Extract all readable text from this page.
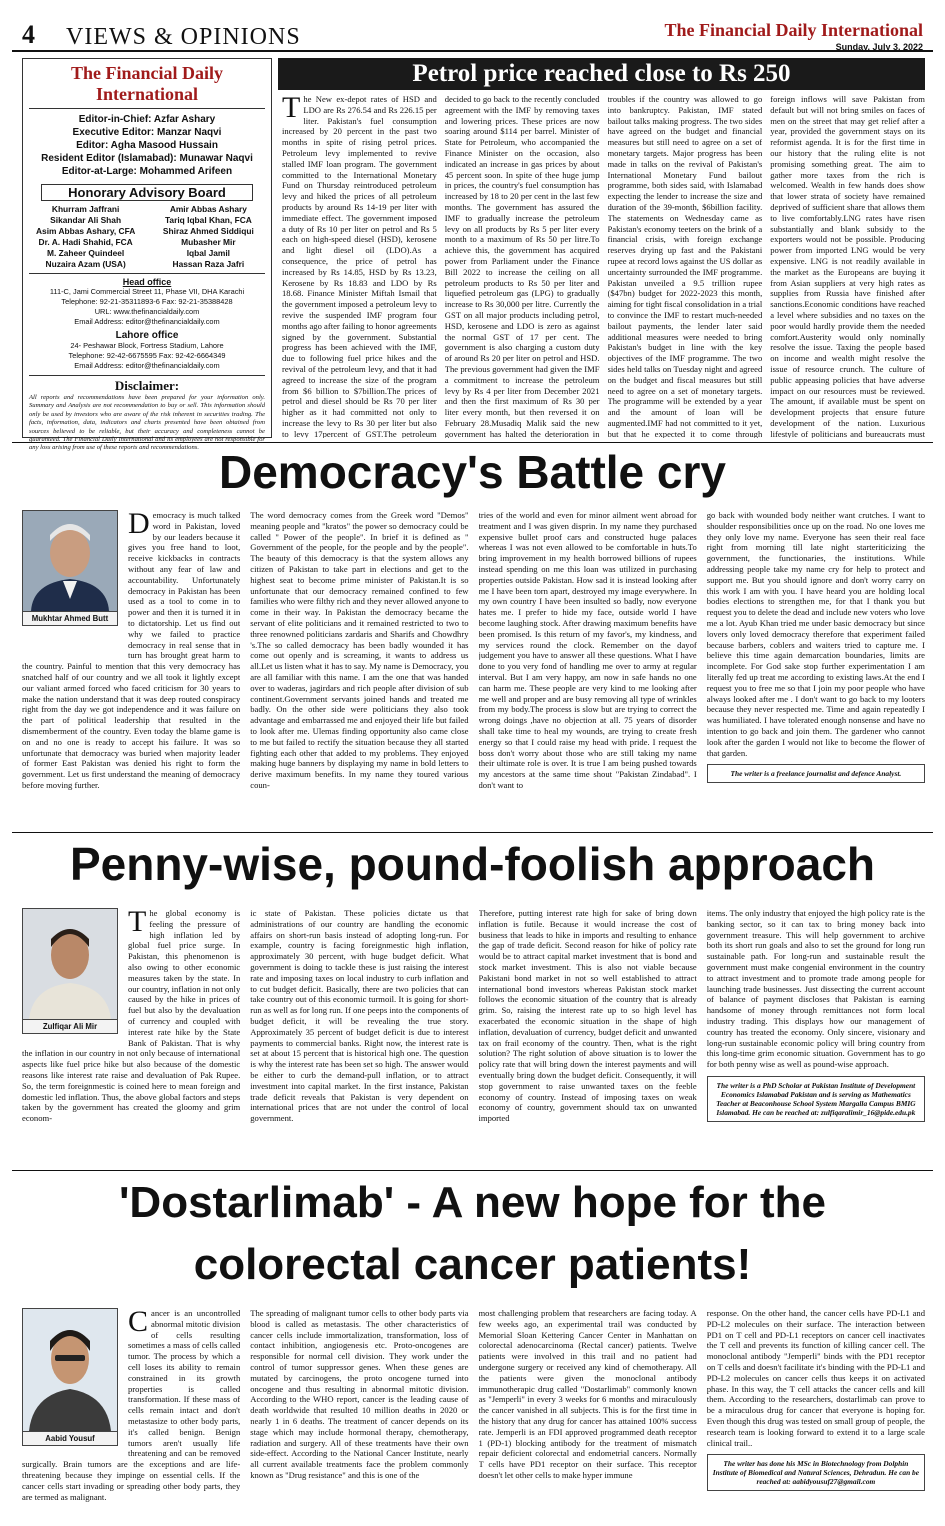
4 VIEWS & OPINIONS	The Financial Daily International
Sunday, July 3, 2022
The Financial Daily International
Editor-in-Chief: Azfar Ashary
Executive Editor: Manzar Naqvi
Editor: Agha Masood Hussain
Resident Editor (Islamabad): Munawar Naqvi
Editor-at-Large: Mohammed Arifeen
Honorary Advisory Board
Khurram Jaffrani
Sikandar Ali Shah
Asim Abbas Ashary, CFA
Dr. A. Hadi Shahid, FCA
M. Zaheer Quindeel
Nuzaira Azam (USA)
Amir Abbas Ashary
Tariq Iqbal Khan, FCA
Shiraz Ahmed Siddiqui
Mubasher Mir
Iqbal Jamil
Hassan Raza Jafri
Head office
111-C, Jami Commercial Street 11, Phase VII, DHA Karachi
Telephone: 92-21-35311893-6 Fax: 92-21-35388428
URL: www.thefinancialdaily.com
Email Address: editor@thefinancialdaily.com
Lahore office
24- Peshawar Block, Fortress Stadium, Lahore
Telephone: 92-42-6675595 Fax: 92-42-6664349
Email Address: editor@thefinancialdaily.com
Disclaimer:
All reports and recommendations have been prepared for your information only. Summary and Analysis are not recommendation to buy or sell. This information should only be used by investors who are aware of the risk inherent in securities trading. The facts, information, data, indicators and charts presented have been obtained from sources believed to be reliable, but their accuracy and completeness cannot be guaranteed. The Financial Daily International and its employees are not responsible for any loss arising from use of these reports and recommendations.
Petrol price reached close to Rs 250
The New ex-depot rates of HSD and LDO are Rs 276.54 and Rs 226.15 per liter. Pakistan's fuel consumption increased by 20 percent in the past two months in spite of rising petrol prices. Petroleum levy implemented to revive stalled IMF loan program. The government committed to the International Monetary Fund on Thursday reintroduced petroleum levy and hiked the prices of all petroleum products by around Rs 14-19 per liter with immediate effect. The government imposed a duty of Rs 10 per liter on petrol and Rs 5 each on high-speed diesel (HSD), kerosene and light diesel oil (LDO).As a consequence, the price of petrol has increased by Rs 14.85, HSD by Rs 13.23, Kerosene by Rs 18.83 and LDO by Rs 18.68. Finance Minister Miftah Ismail that the government imposed a petroleum levy to revive the suspended IMF program four months ago after failing to honor agreements signed by the government. Substantial progress has been achieved with the IMF, due to following fuel price hikes and the revival of the petroleum levy, and that it had agreed to increase the size of the program from $6 billion to $7billion.The prices of petrol and diesel should be Rs 70 per liter higher as it had committed not only to increase the levy to Rs 30 per liter but also to levy 17percent of GST.The petroleum
decided to go back to the recently concluded agreement with the IMF by removing taxes and lowering prices. These prices are now soaring around $114 per barrel. Minister of State for Petroleum, who accompanied the Finance Minister on the occasion, also indicated an increase in gas prices by about 45 percent soon. In spite of thee huge jump in prices, the country's fuel consumption has increased by 18 to 20 per cent in the last few months. The government has assured the IMF to gradually increase the petroleum levy on all products by Rs 5 per liter every month to a maximum of Rs 50 per litre.To achieve this, the government has acquired power from Parliament under the Finance Bill 2022 to increase the ceiling on all petroleum products to Rs 50 per liter and liquefied petroleum gas (LPG) to gradually increase to Rs 30,000 per litre. Currently the GST on all major products including petrol, HSD, kerosene and LDO is zero as against the normal GST of 17 per cent. The government is also charging a custom duty of around Rs 20 per liter on petrol and HSD. The previous government had given the IMF a commitment to increase the petroleum levy by Rs 4 per liter from December 2021 and then the first maximum of Rs 30 per liter every month, but then reversed it on February 28.Musadiq Malik said the new government has halted the deterioration in
troubles if the country was allowed to go into bankruptcy. Pakistan, IMF stated bailout talks making progress. The two sides have agreed on the budget and financial measures but still need to agree on a set of monetary targets. Major progress has been made in talks on the revival of Pakistan's International Monetary Fund bailout programme, both sides said, with Islamabad expecting the lender to increase the size and duration of the 39-month, $6billion facility. The statements on Wednesday came as Pakistan's economy teeters on the brink of a financial crisis, with foreign exchange reserves drying up fast and the Pakistani rupee at record lows against the US dollar as uncertainty surrounded the IMF programme. Pakistan unveiled a 9.5 trillion rupee ($47bn) budget for 2022-2023 this month, aiming for tight fiscal consolidation in a trial to convince the IMF to restart much-needed bailout payments, the lender later said additional measures were needed to bring Pakistan's budget in line with the key objectives of the IMF programme. The two sides held talks on Tuesday night and agreed on the budget and fiscal measures but still need to agree on a set of monetary targets. The programme will be extended by a year and the amount of loan will be augmented.IMF had not committed to it yet, but that he expected it to come through
foreign inflows will save Pakistan from default but will not bring smiles on faces of men on the street that may get relief after a year, provided the government stays on its reformist agenda. It is for the first time in our history that the ruling elite is not promising something great. The aim to gather more taxes from the rich is welcomed. Wealth in few hands does show that lower strata of society have remained deprived of sufficient share that allows them to live comfortably.LNG rates have risen substantially and blank subsidy to the exporters would not be possible. Producing power from imported LNG would be very expensive. LNG is not readily available in the market as the Europeans are buying it from Asian suppliers at very high rates as supplies from Russia have finished after sanctions.Economic conditions have reached a level where subsidies and no taxes on the poor would hardly provide them the needed comfort.Austerity would only nominally resolve the issue. Taxing the people based on income and wealth might resolve the issue of resource crunch. The culture of public appeasing policies that have adverse impact on our resources must be reviewed. The amount, if available must be spent on development projects that ensure future development of the nation. Luxurious lifestyle of politicians and bureaucrats must
Democracy's Battle cry
Mukhtar Ahmed Butt
Democracy is much talked word in Pakistan, loved by our leaders because it gives you free hand to loot, receive kickbacks in contracts without any fear of law and accountability. Unfortunately democracy in Pakistan has been used as a tool to come in to power and then it is turned it in to dictatorship. Let us find out why we failed to practice democracy in real sense that in turn has brought great harm to the country. Painful to mention that this very democracy has snatched half of our country and we all took it lightly except our valiant armed forced who faced criticism for 30 years to make the nation understand that it was deep routed conspiracy right from the day we got independence and it was failure on the part of political leadership that resulted in the dismemberment of the country. Even today the blame game is on and no one is ready to accept his failure. It was so unfortunate that democracy was buried when majority leader of former East Pakistan was denied his right to form the government. Let us first understand the meaning of democracy before moving further.
The word democracy comes from the Greek word "Demos" meaning people and "kratos" the power so democracy could be called " Power of the people". In brief it is defined as " Government of the people, for the people and by the people". The beauty of this democracy is that the system allows any citizen of Pakistan to take part in elections and get to the highest seat to become prime minister of Pakistan.It is so unfortunate that our democracy remained confined to few families who were filthy rich and they never allowed anyone to come in their way. In Pakistan the democracy became the servant of elite politicians and it remained restricted to two to three renowned politicians zardaris and Sharifs and Chowdhry 's.The so called democracy has been badly wounded it has come out openly and is screaming, it wants to address us all.Let us listen what it has to say. My name is Democracy, you are all familiar with this name. I am the one that was handed over to waderas, jagirdars and rich people after division of sub continent.Government servants joined hands and treated me badly. On the other side were politicians they also took advantage and embarrassed me and enjoyed their life but failed to look after me. Ulemas finding opportunity also came close to me but failed to rectify the situation because they all started fighting each other that added to my problems. They enjoyed making huge banners by displaying my name in bold letters to derive maximum benefits. In my name they toured various coun-
tries of the world and even for minor ailment went abroad for treatment and I was given disprin. In my name they purchased expensive bullet proof cars and constructed huge palaces whereas I was not even allowed to be comfortable in huts.To bring improvement in my health borrowed billions of rupees instead spending on me this loan was utilized in purchasing properties outside Pakistan. How sad it is instead looking after me I have been torn apart, destroyed my image everywhere. In my own country I have been insulted so badly, now everyone hates me. I prefer to hide my face, outside world I have become laughing stock. After drawing maximum benefits have been promised. Is this return of my favor's, my kindness, and my services round the clock. Remember on the dayof judgement you have to answer all these questions. What I have done to you very fond of handling me over to army at regular interval. But I am very happy, am now in safe hands no one can harm me. These people are very kind to me looking after me well and proper and are busy removing all type of wrinkles from my body.The process is slow but are trying to correct the wrong doings ,have no objection at all. 75 years of disorder shall take time to heal my wounds, are trying to create fresh energy so that I could raise my head with pride. I request the boss don't worry about those who are still taking my name their ultimate role is over. It is true I am being pushed towards my ancestors at the same time shout "Pakistan Zindabad". I don't want to
go back with wounded body neither want crutches. I want to shoulder responsibilities once up on the road. No one loves me they only love my name. Everyone has seen their real face right from morning till late night starteriticizing the government, the functionaries, the institutions. While addressing people take my name cry for help to protect and support me. But you should ignore and don't worry carry on this work I am with you. I have heard you are holding local bodies elections to strengthen me, for that I thank you but request you to delete the dead and include new voters who love me a lot. Ayub Khan tried me under basic democracy but since lovers only loved democracy therefore that experiment failed because barbers, coblers and waiters tried to capture me. I believe this time again demarcation boundaries, limits are incomplete. For God sake stop further experimentation I am literally fed up treat me according to existing laws.At the end I request you to free me so that I join my poor people who have always looked after me . I don't want to go back to my looters because they never respected me. Time and again repeatedly I was humiliated. I have tolerated enough nonsense and have no intention to go back and join them. The gardener who cannot look after the garden I would not like to become the flower of that garden.
The writer is a freelance journalist and defence Analyst.
Penny-wise, pound-foolish approach
Zulfiqar Ali Mir
The global economy is feeling the pressure of high inflation led by global fuel price surge. In Pakistan, this phenomenon is also owing to other economic measures taken by the state. In our country, inflation in not only caused by the hike in prices of fuel but also by the devaluation of currency and coupled with interest rate hike by the State Bank of Pakistan. That is why the inflation in our country in not only because of international aspects like fuel price hike but also because of the domestic reasons like interest rate raise and devaluation of Pak Rupee. So, the term foreignmestic is coined here to mean foreign and domestic led inflation. Thus, the above global factors and steps taken by the government has created the gloomy and grim econom-
ic state of Pakistan. These policies dictate us that administrations of our country are handling the economic affairs on short-run basis instead of adopting long-run. For example, country is facing foreignmestic high inflation, approximately 30 percent, with huge budget deficit. What government is doing to tackle these is just raising the interest rate and imposing taxes on local industry to curb inflation and to cut budget deficit. Basically, there are two policies that can take country out of this economic turmoil. It is going for short-run as well as for long run. If one peeps into the components of budget deficit, it will be revealing the true story. Approximately 35 percent of budget deficit is due to interest payments to commercial banks. Right now, the interest rate is set at about 15 percent that is historical high one. The question is why the interest rate has been set so high. The answer would be either to curb the demand-pull inflation, or to attract investment into capital market. In the first instance, Pakistan trade deficit reveals that Pakistan is very dependent on international prices that are not under the control of local government.
Therefore, putting interest rate high for sake of bring down inflation is futile. Because it would increase the cost of business that leads to hike in imports and resulting to enhance the gap of trade deficit. Second reason for hike of policy rate would be to attract capital market investment that is bond and stock market investment. This is also not viable because Pakistani bond market in not so well established to attract international bond investors whereas Pakistan stock market follows the economic situation of the country that is already grim. So, raising the interest rate up to so high level has exacerbated the economic situation in the shape of high inflation, devaluation of currency, budget deficit and unwanted tax on frail economy of the country. Then, what is the right solution? The right solution of above situation is to lower the policy rate that will bring down the interest payments and will eventually bring down the budget deficit. Consequently, it will stop government to raise unwanted taxes on the feeble economy of country. Instead of imposing taxes on weak economy of country, government should tax on unwanted imported
items. The only industry that enjoyed the high policy rate is the banking sector, so it can tax to bring money back into government treasure. This will help government to archive both its short run goals and also to set the ground for long run sustainable path. For long-run and sustainable result the government must make congenial environment in the country to attract investment and to promote trade among people for launching trade businesses. Just dissecting the current account of balance of payment discloses that Pakistan is earning handsome of money through remittances not form local industry trading. This displays how our management of country has treated the economy. Only sincere, visionary and long-run sustainable economic policy will bring country from this long-time grim economic situation. Government has to go for both penny wise as well as pound-wise approach.
The writer is a PhD Scholar at Pakistan Institute of Development Economics Islamabad Pakistan and is serving as Mathematics Teacher at Beaconhouse School System Margalla Campus BMIG Islamabad. He can be reached at: zulfiqaralimir_16@pide.edu.pk
'Dostarlimab' - A new hope for the
colorectal cancer patients!
Aabid Yousuf
Cancer is an uncontrolled abnormal mitotic division of cells resulting sometimes a mass of cells called tumor. The process by which a cell loses its ability to remain constrained in its growth properties is called transformation. If these mass of cells remain intact and don't metastasize to other body parts, it's called benign. Benign tumors aren't usually life threatening and can be removed surgically. Brain tumors are the exceptions and are life- threatening because they impinge on essential cells. If the cancer cells start invading or spreading other body parts, they are termed as malignant.
The spreading of malignant tumor cells to other body parts via blood is called as metastasis. The other characteristics of cancer cells include immortalization, transformation, loss of contact inhibition, angiogenesis etc. Proto-oncogenes are responsible for normal cell division. They work under the control of tumor suppressor genes. When these genes are mutated by carcinogens, the proto oncogene turned into oncogene and thus resulting in abnormal mitotic division. According to the WHO report, cancer is the leading cause of death worldwide that resulted 10 million deaths in 2020 or nearly 1 in 6 deaths. The treatment of cancer depends on its stage which may include hormonal therapy, chemotherapy, radiation and surgery. All of these treatments have their own side-effect. According to the National Cancer Institute, nearly all current available treatments face the problem commonly known as "Drug resistance" and this is one of the
most challenging problem that researchers are facing today. A few weeks ago, an experimental trail was conducted by Memorial Sloan Kettering Cancer Center in Manhattan on colorectal adenocarcinoma (Rectal cancer) patients. Twelve patients were involved in this trail and no patient had undergone surgery or received any kind of chemotherapy. All the patients were given the monoclonal antibody immunotherapic drug called "Dostarlimab" commonly known as "Jemperli" in every 3 weeks for 6 months and miraculously the cancer vanished in all subjects. This is for the first time in the history that any drug for cancer has attained 100% success rate. Jemperli is an FDI approved programmed death receptor 1 (PD-1) blocking antibody for the treatment of mismatch repair deficient colorectal and endometrial cancers. Normally T cells have PD1 receptor on their surface. This receptor doesn't let other cells to make hyper immune
response. On the other hand, the cancer cells have PD-L1 and PD-L2 molecules on their surface. The interaction between PD1 on T cell and PD-L1 receptors on cancer cell inactivates the T cell and prevents its function of killing cancer cell. The monoclonal antibody "Jemperli" binds with the PD1 receptor on T cells and doesn't facilitate it's binding with the PD-L1 and PD-L2 molecules on cancer cells thus keeps it on activated phase. In this way, the T cell attacks the cancer cells and kill them. According to the researchers, dostarlimab can prove to be a miraculous drug for cancer that everyone is hoping for. Even though this drug was tested on small group of people, the research team is looking forward to extend it to a large scale clinical trail..
The writer has done his MSc in Biotechnology from Dolphin Institute of Biomedical and Natural Sciences, Dehradun. He can be reached at: aabidyousuf27@gmail.com
